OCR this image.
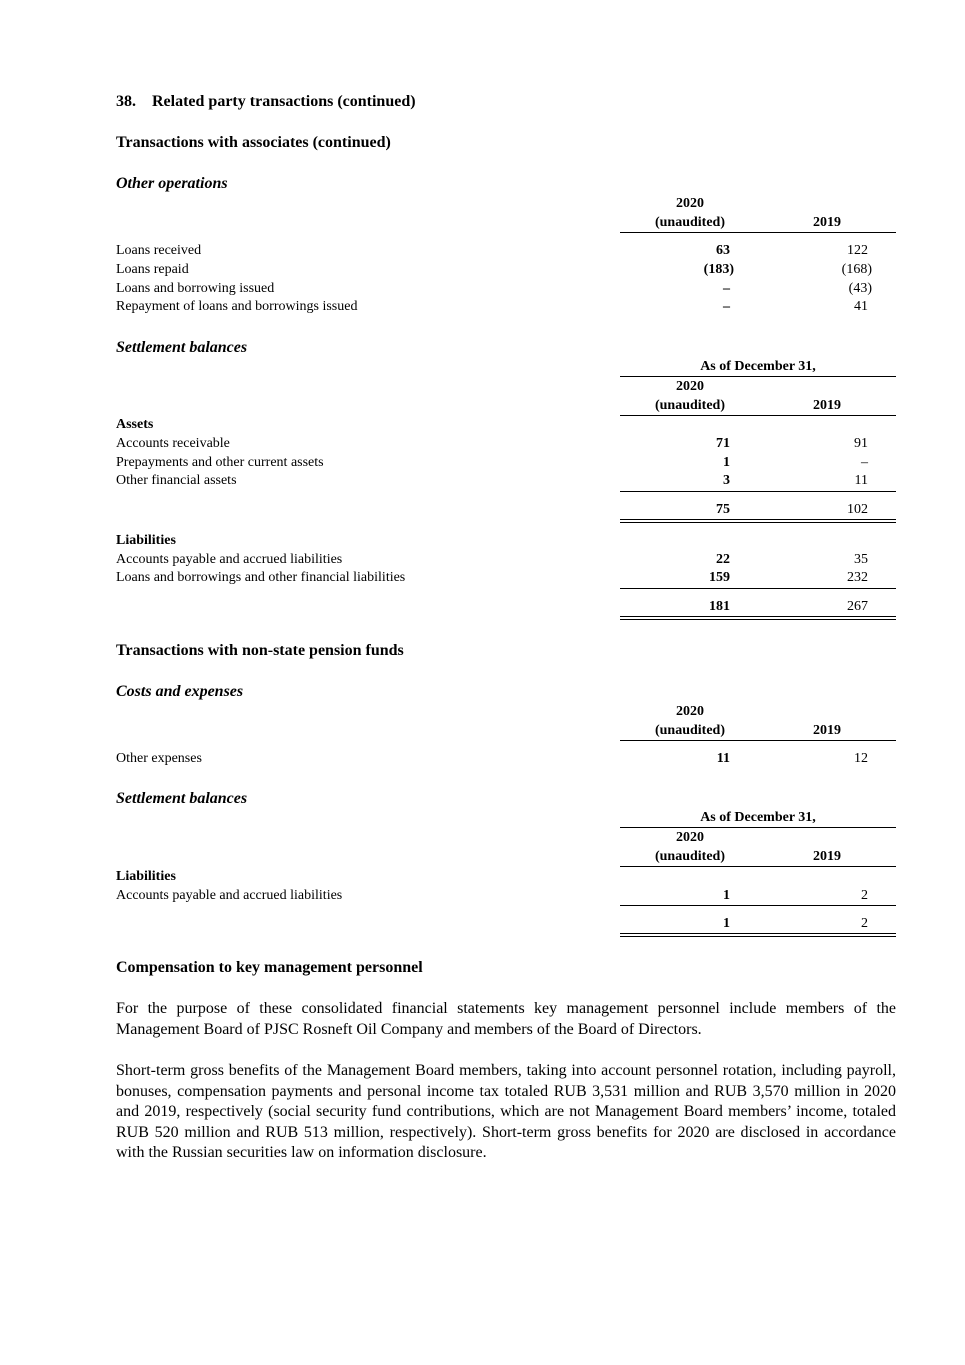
38.    Related party transactions (continued)
Transactions with associates (continued)
Other operations
2020
(unaudited)	2019
Loans received	63	122
Loans repaid	(183)	(168)
Loans and borrowing issued	–	(43)
Repayment of loans and borrowings issued	–	41
Settlement balances
As of December 31,
2020
(unaudited)	2019
Assets
Accounts receivable	71	91
Prepayments and other current assets	1	–
Other financial assets	3	11
75	102
Liabilities
Accounts payable and accrued liabilities	22	35
Loans and borrowings and other financial liabilities	159	232
181	267
Transactions with non-state pension funds
Costs and expenses
2020
(unaudited)	2019
Other expenses	11	12
Settlement balances
As of December 31,
2020
(unaudited)	2019
Liabilities
Accounts payable and accrued liabilities	1	2
1	2
Compensation to key management personnel
For the purpose of these consolidated financial statements key management personnel include members of the Management Board of PJSC Rosneft Oil Company and members of the Board of Directors.
Short-term gross benefits of the Management Board members, taking into account personnel rotation, including payroll, bonuses, compensation payments and personal income tax totaled RUB 3,531 million and RUB 3,570 million in 2020 and 2019, respectively (social security fund contributions, which are not Management Board members’ income, totaled RUB 520 million and RUB 513 million, respectively). Short-term gross benefits for 2020 are disclosed in accordance with the Russian securities law on information disclosure.
